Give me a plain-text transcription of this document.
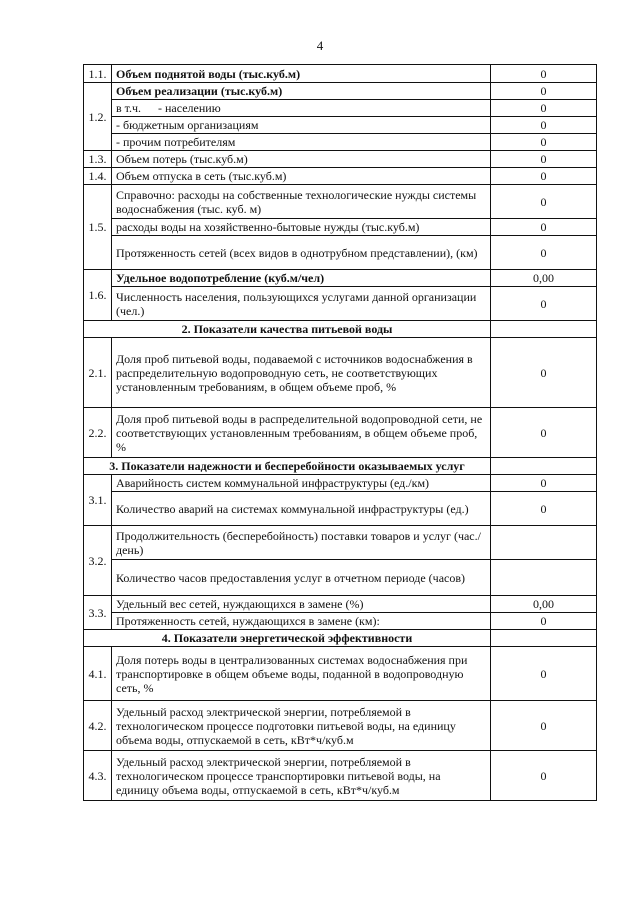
4
1.1.	Объем поднятой воды (тыс.куб.м)	0
1.2.	Объем реализации (тыс.куб.м)	0
	в т.ч. - населению	0
	- бюджетным организациям	0
	- прочим потребителям	0
1.3.	Объем потерь (тыс.куб.м)	0
1.4.	Объем отпуска в сеть (тыс.куб.м)	0
1.5.	Справочно: расходы на собственные технологические нужды системы водоснабжения (тыс. куб. м)	0
	расходы воды на хозяйственно-бытовые нужды (тыс.куб.м)	0
	Протяженность сетей (всех видов в однотрубном представлении), (км)	0
1.6.	Удельное водопотребление (куб.м/чел)	0,00
	Численность населения, пользующихся услугами данной организации (чел.)	0
2. Показатели качества питьевой воды		
2.1.	Доля проб питьевой воды, подаваемой с источников водоснабжения в распределительную водопроводную сеть, не соответствующих установленным требованиям, в общем объеме проб, %	0
2.2.	Доля проб питьевой воды в распределительной водопроводной сети, не соответствующих установленным требованиям, в общем объеме проб, %	0
3. Показатели надежности и бесперебойности оказываемых услуг		
3.1.	Аварийность систем коммунальной инфраструктуры (ед./км)	0
	Количество аварий на системах коммунальной инфраструктуры (ед.)	0
3.2.	Продолжительность (бесперебойность) поставки товаров и услуг (час./день)	
	Количество часов предоставления услуг в отчетном периоде (часов)	
3.3.	Удельный вес сетей, нуждающихся в замене (%)	0,00
	Протяженность сетей, нуждающихся в замене (км):	0
4. Показатели энергетической эффективности		
4.1.	Доля потерь воды в централизованных системах водоснабжения при транспортировке в общем объеме воды, поданной в водопроводную сеть, %	0
4.2.	Удельный расход электрической энергии, потребляемой в технологическом процессе подготовки питьевой воды, на единицу объема воды, отпускаемой в сеть, кВт*ч/куб.м	0
4.3.	Удельный расход электрической энергии, потребляемой в технологическом процессе транспортировки питьевой воды, на единицу объема воды, отпускаемой в сеть, кВт*ч/куб.м	0
